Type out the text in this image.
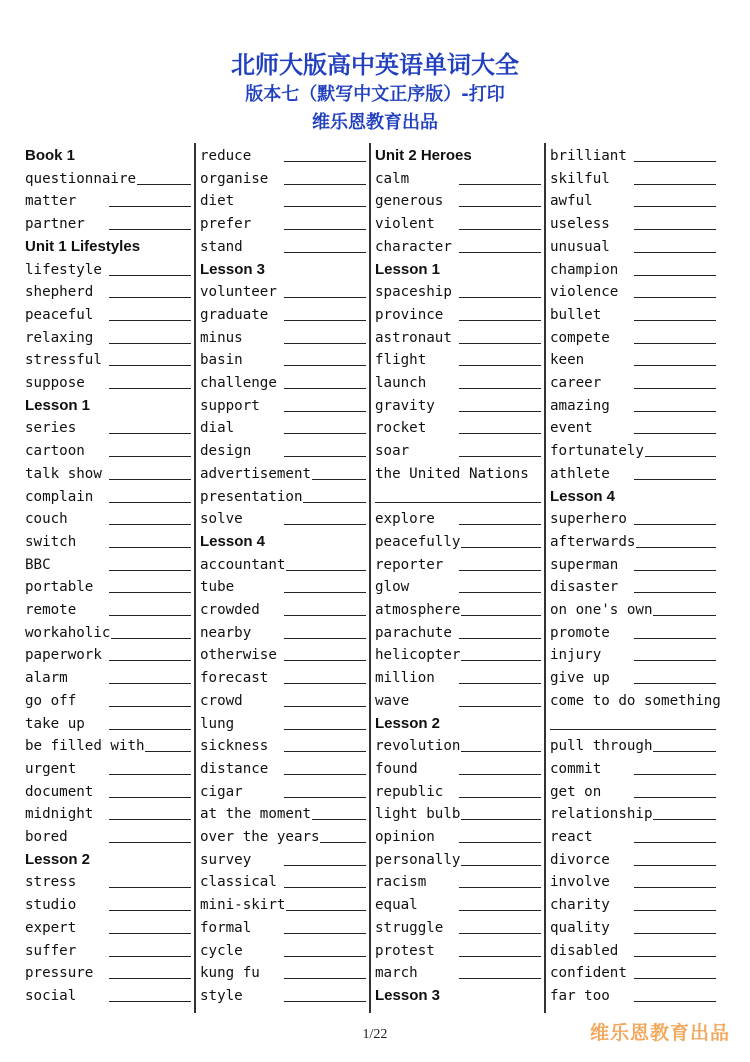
北师大版高中英语单词大全
版本七（默写中文正序版）-打印
维乐恩教育出品
Book 1
questionnaire
matter
partner
Unit 1 Lifestyles
lifestyle
shepherd
peaceful
relaxing
stressful
suppose
Lesson 1
series
cartoon
talk show
complain
couch
switch
BBC
portable
remote
workaholic
paperwork
alarm
go off
take up
be filled with
urgent
document
midnight
bored
Lesson 2
stress
studio
expert
suffer
pressure
social
reduce
organise
diet
prefer
stand
Lesson 3
volunteer
graduate
minus
basin
challenge
support
dial
design
advertisement
presentation
solve
Lesson 4
accountant
tube
crowded
nearby
otherwise
forecast
crowd
lung
sickness
distance
cigar
at the moment
over the years
survey
classical
mini-skirt
formal
cycle
kung fu
style
Unit 2 Heroes
calm
generous
violent
character
Lesson 1
spaceship
province
astronaut
flight
launch
gravity
rocket
soar
the United Nations
explore
peacefully
reporter
glow
atmosphere
parachute
helicopter
million
wave
Lesson 2
revolution
found
republic
light bulb
opinion
personally
racism
equal
struggle
protest
march
Lesson 3
brilliant
skilful
awful
useless
unusual
champion
violence
bullet
compete
keen
career
amazing
event
fortunately
athlete
Lesson 4
superhero
afterwards
superman
disaster
on one's own
promote
injury
give up
come to do something
pull through
commit
get on
relationship
react
divorce
involve
charity
quality
disabled
confident
far too
1/22	维乐恩教育出品
